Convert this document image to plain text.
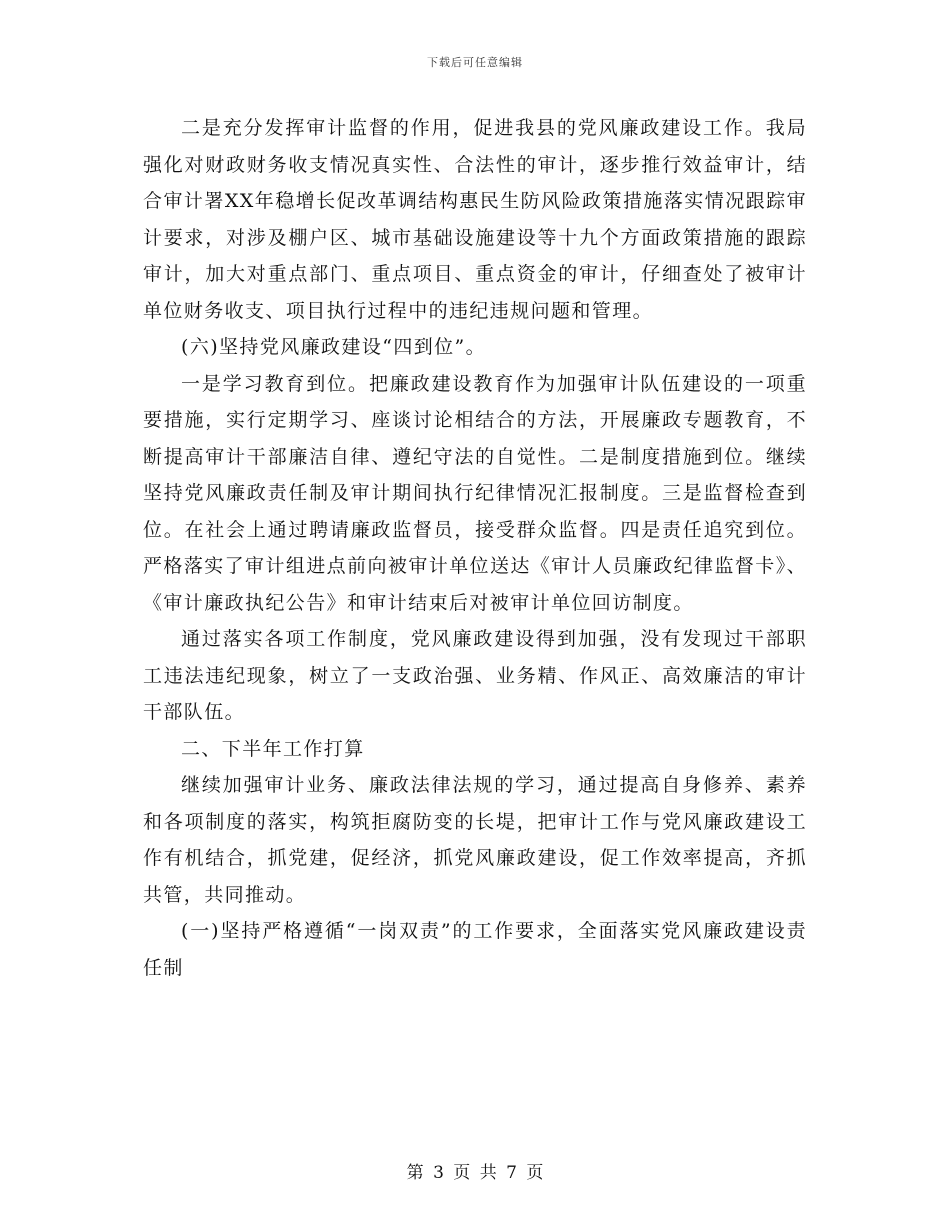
下载后可任意编辑

二是充分发挥审计监督的作用，促进我县的党风廉政建设工作。我局强化对财政财务收支情况真实性、合法性的审计，逐步推行效益审计，结合审计署XX年稳增长促改革调结构惠民生防风险政策措施落实情况跟踪审计要求，对涉及棚户区、城市基础设施建设等十九个方面政策措施的跟踪审计，加大对重点部门、重点项目、重点资金的审计，仔细查处了被审计单位财务收支、项目执行过程中的违纪违规问题和管理。

(六)坚持党风廉政建设“四到位”。

一是学习教育到位。把廉政建设教育作为加强审计队伍建设的一项重要措施，实行定期学习、座谈讨论相结合的方法，开展廉政专题教育，不断提高审计干部廉洁自律、遵纪守法的自觉性。二是制度措施到位。继续坚持党风廉政责任制及审计期间执行纪律情况汇报制度。三是监督检查到位。在社会上通过聘请廉政监督员，接受群众监督。四是责任追究到位。严格落实了审计组进点前向被审计单位送达《审计人员廉政纪律监督卡》、《审计廉政执纪公告》和审计结束后对被审计单位回访制度。

通过落实各项工作制度，党风廉政建设得到加强，没有发现过干部职工违法违纪现象，树立了一支政治强、业务精、作风正、高效廉洁的审计干部队伍。

二、下半年工作打算

继续加强审计业务、廉政法律法规的学习，通过提高自身修养、素养和各项制度的落实，构筑拒腐防变的长堤，把审计工作与党风廉政建设工作有机结合，抓党建，促经济，抓党风廉政建设，促工作效率提高，齐抓共管，共同推动。

(一)坚持严格遵循“一岗双责”的工作要求，全面落实党风廉政建设责任制

第 3 页 共 7 页
